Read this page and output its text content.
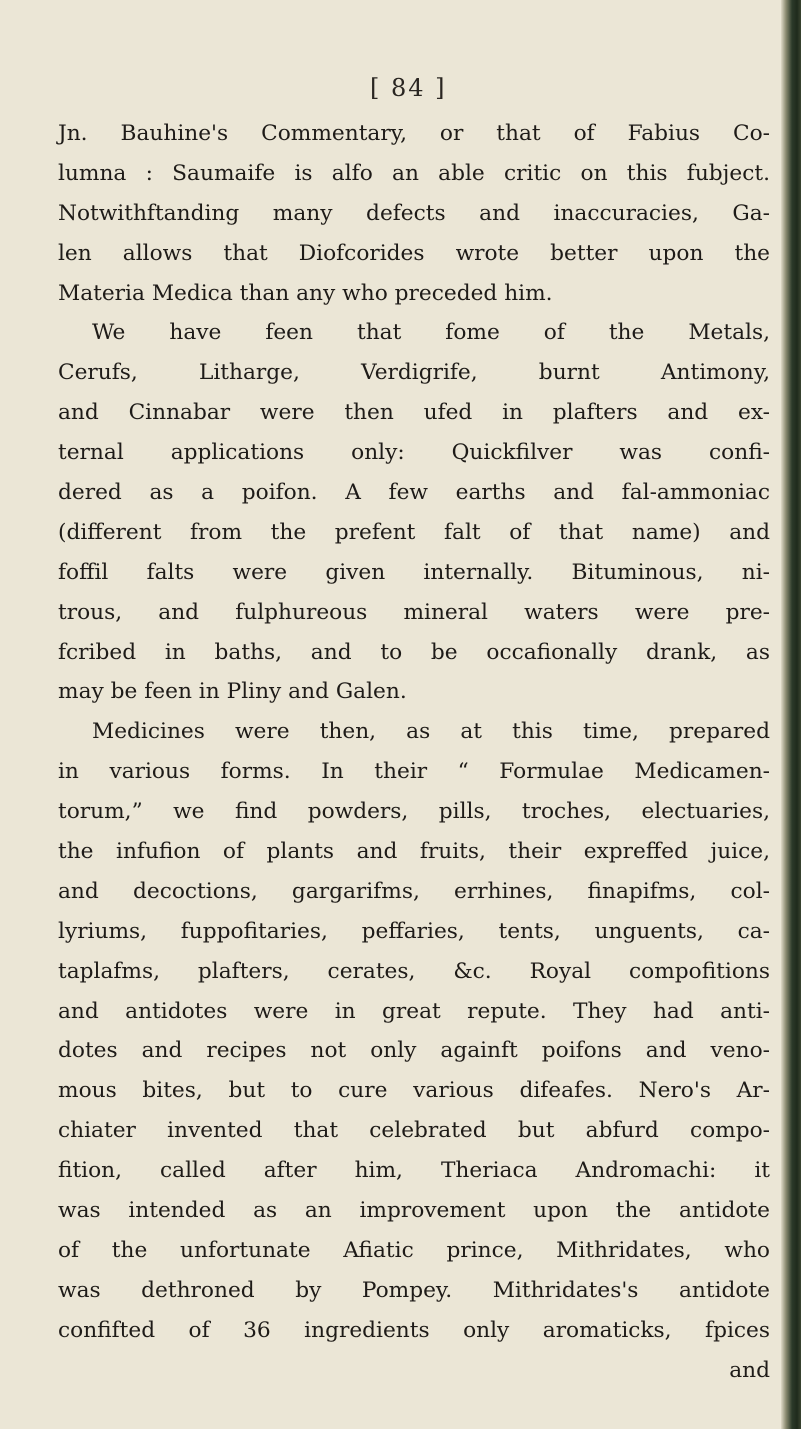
[ 84 ]
Jn. Bauhine's Commentary, or that of Fabius Co-
lumna : Saumaife is alfo an able critic on this fubject.
Notwithftanding many defects and inaccuracies, Ga-
len allows that Diofcorides wrote better upon the
Materia Medica than any who preceded him.
We have feen that fome of the Metals,
Cerufs, Litharge, Verdigrife, burnt Antimony,
and Cinnabar were then ufed in plafters and ex-
ternal applications only: Quickfilver was confi-
dered as a poifon. A few earths and fal-ammoniac
(different from the prefent falt of that name) and
foffil falts were given internally. Bituminous, ni-
trous, and fulphureous mineral waters were pre-
fcribed in baths, and to be occafionally drank, as
may be feen in Pliny and Galen.
Medicines were then, as at this time, prepared
in various forms. In their “ Formulae Medicamen-
torum,” we find powders, pills, troches, electuaries,
the infufion of plants and fruits, their expreffed juice,
and decoctions, gargarifms, errhines, finapifms, col-
lyriums, fuppofitaries, peffaries, tents, unguents, ca-
taplafms, plafters, cerates, &c. Royal compofitions
and antidotes were in great repute. They had anti-
dotes and recipes not only againft poifons and veno-
mous bites, but to cure various difeafes. Nero's Ar-
chiater invented that celebrated but abfurd compo-
fition, called after him, Theriaca Andromachi: it
was intended as an improvement upon the antidote
of the unfortunate Afiatic prince, Mithridates, who
was dethroned by Pompey. Mithridates's antidote
confifted of 36 ingredients only aromaticks, fpices
and
